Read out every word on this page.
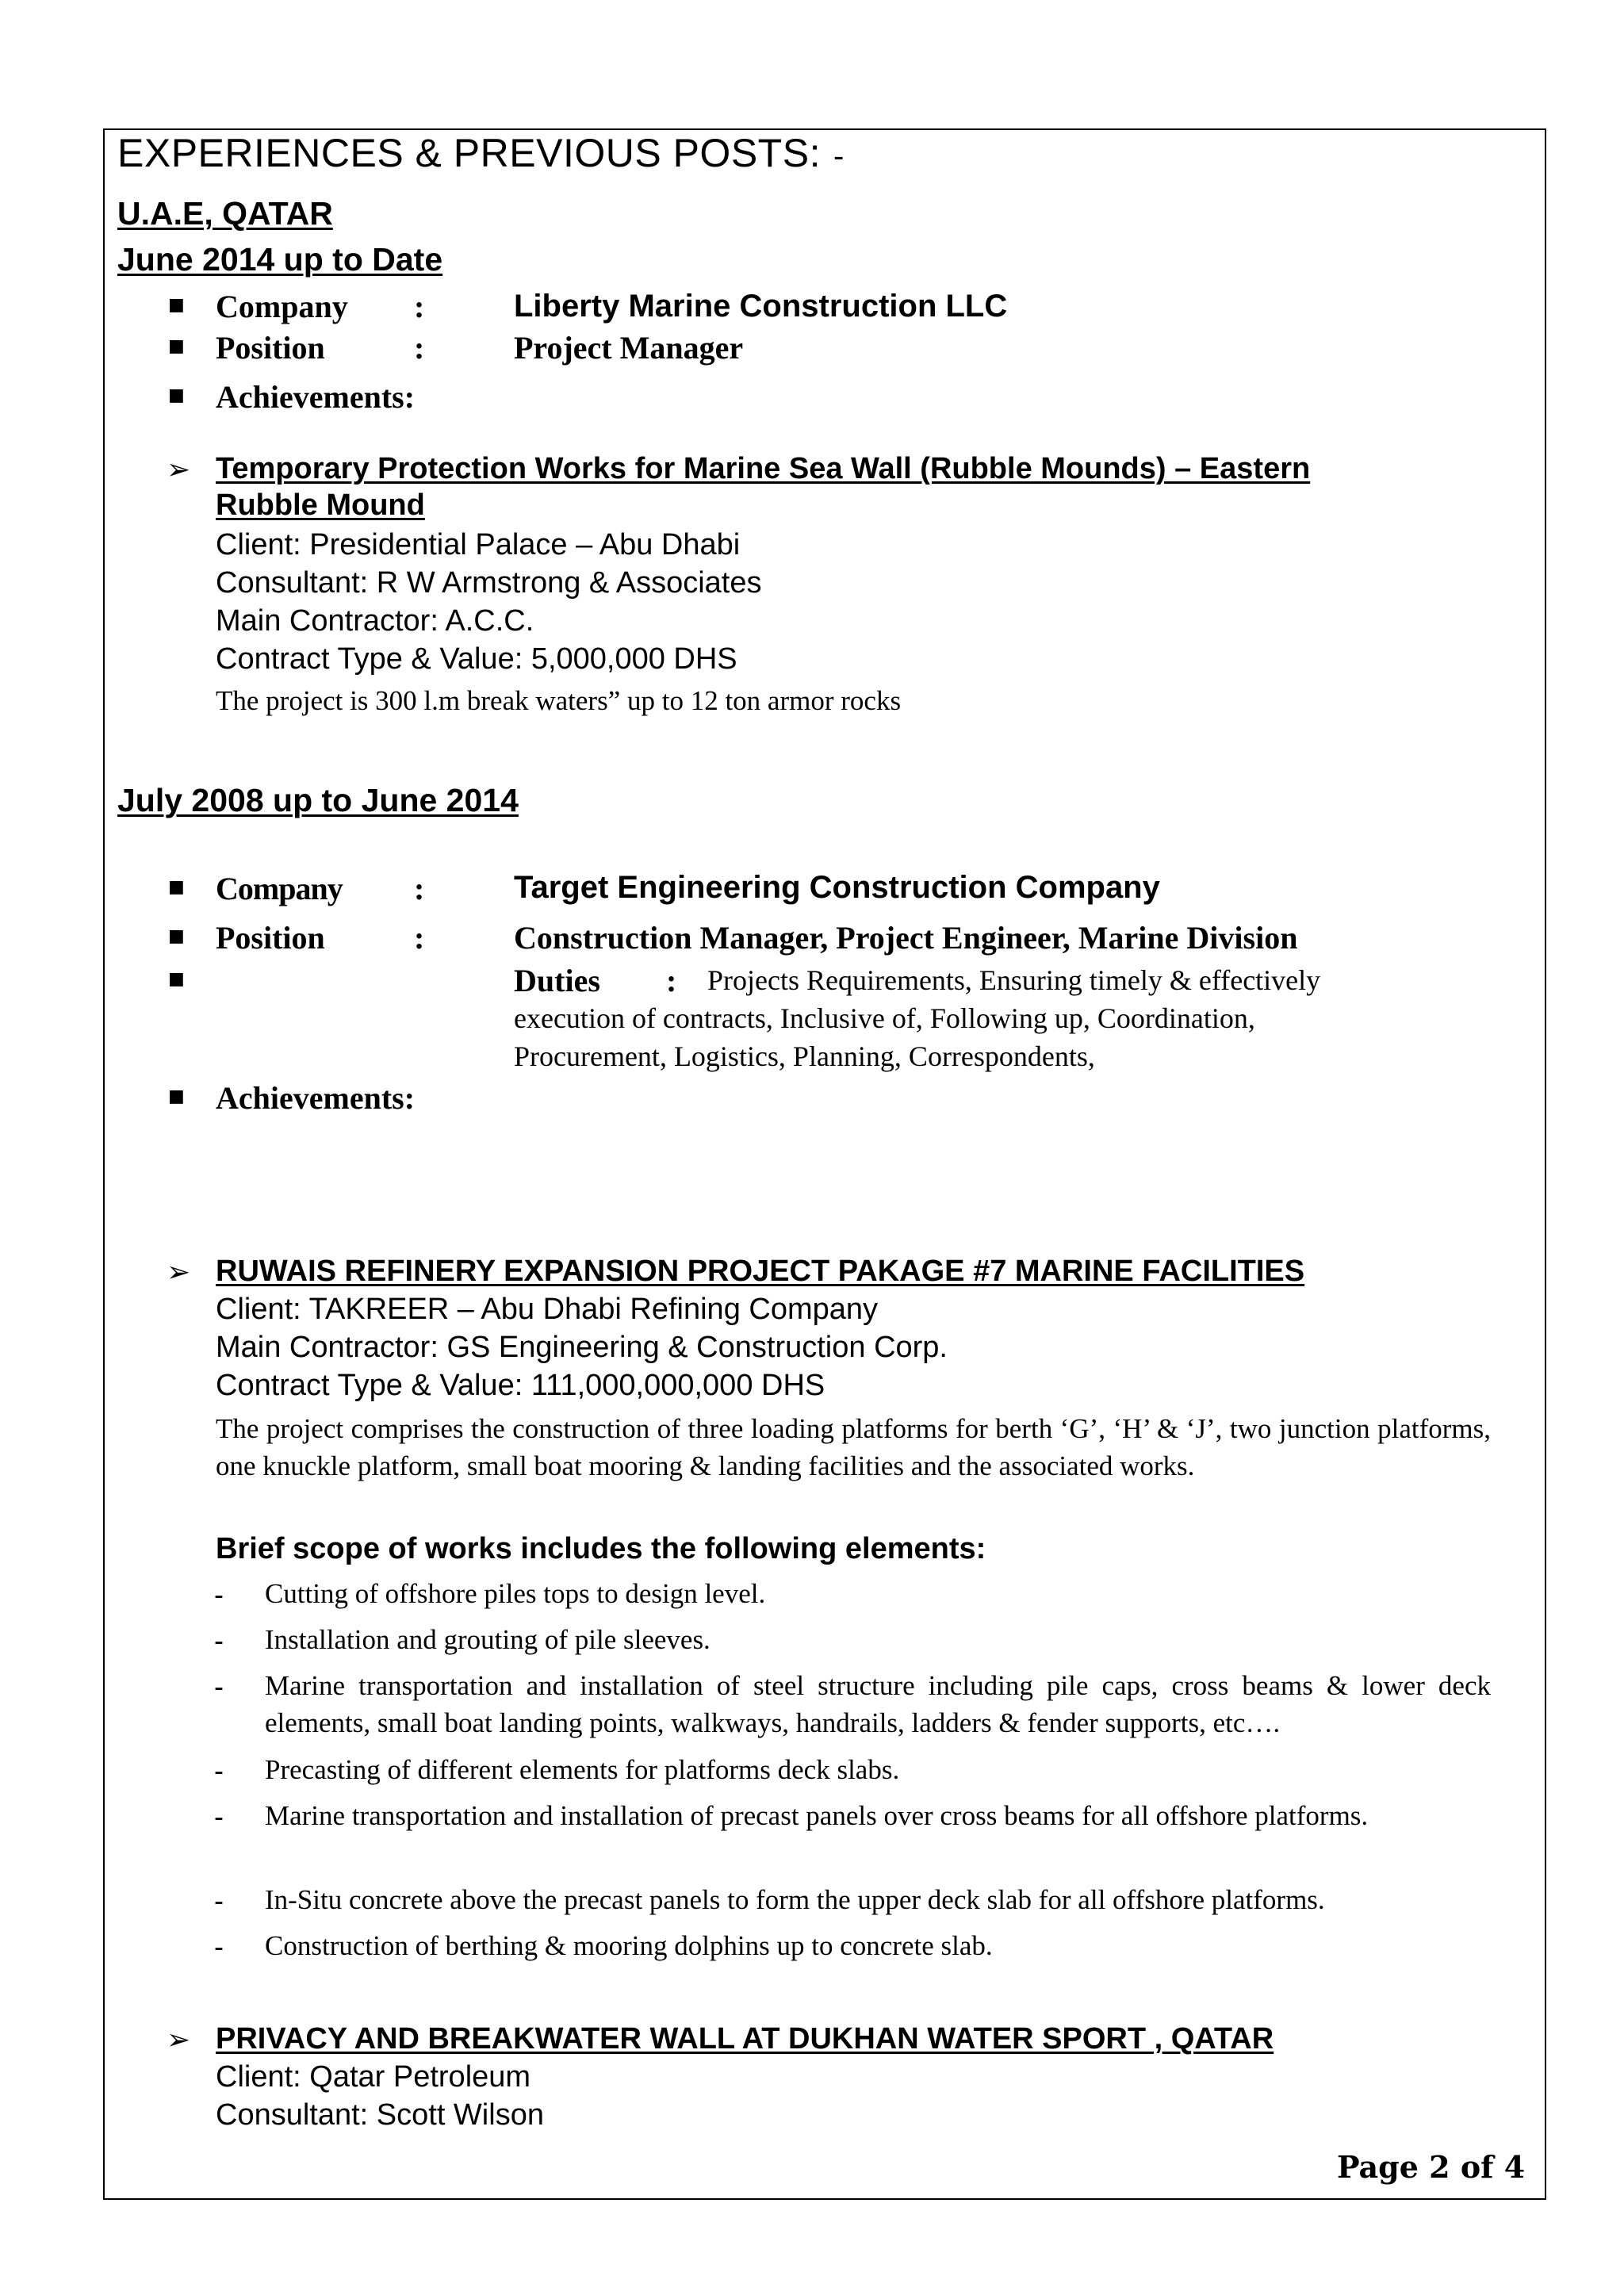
EXPERIENCES & PREVIOUS POSTS: -
U.A.E, QATAR
June 2014 up to Date
■ Company :	Liberty Marine Construction LLC
■ Position	:	Project Manager
■ Achievements:
➢ Temporary Protection Works for Marine Sea Wall (Rubble Mounds) – Eastern
Rubble Mound
Client: Presidential Palace – Abu Dhabi
Consultant: R W Armstrong & Associates
Main Contractor: A.C.C.
Contract Type & Value: 5,000,000 DHS
The project is 300 l.m break waters” up to 12 ton armor rocks
July 2008 up to June 2014
■ Company :	Target Engineering Construction Company
■ Position	:	Construction Manager, Project Engineer, Marine Division
■	Duties : Projects Requirements, Ensuring timely & effectively
execution of contracts, Inclusive of, Following up, Coordination,
Procurement, Logistics, Planning, Correspondents,
■ Achievements:
➢ RUWAIS REFINERY EXPANSION PROJECT PAKAGE #7 MARINE FACILITIES
Client: TAKREER – Abu Dhabi Refining Company
Main Contractor: GS Engineering & Construction Corp.
Contract Type & Value: 111,000,000,000 DHS
The project comprises the construction of three loading platforms for berth ‘G’, ‘H’ & ‘J’, two junction platforms, one knuckle platform, small boat mooring & landing facilities and the associated works.
Brief scope of works includes the following elements:
- Cutting of offshore piles tops to design level.
- Installation and grouting of pile sleeves.
- Marine transportation and installation of steel structure including pile caps, cross beams & lower deck elements, small boat landing points, walkways, handrails, ladders & fender supports, etc….
- Precasting of different elements for platforms deck slabs.
- Marine transportation and installation of precast panels over cross beams for all offshore platforms.
- In-Situ concrete above the precast panels to form the upper deck slab for all offshore platforms.
- Construction of berthing & mooring dolphins up to concrete slab.
➢ PRIVACY AND BREAKWATER WALL AT DUKHAN WATER SPORT , QATAR
Client: Qatar Petroleum
Consultant: Scott Wilson
Page 2 of 4
